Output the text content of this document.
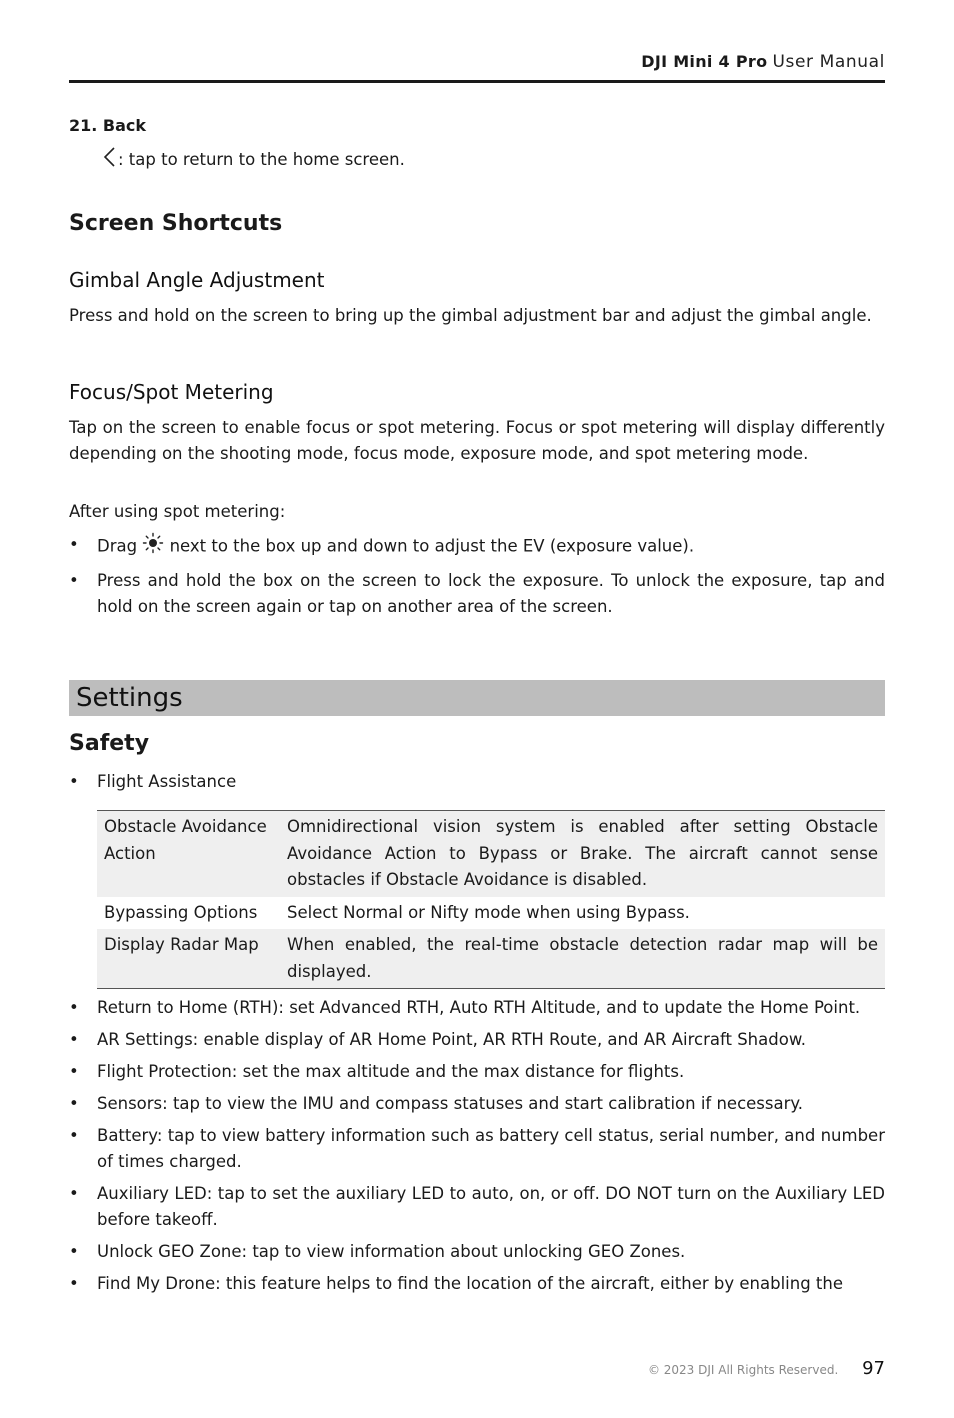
DJI Mini 4 Pro User Manual
21. Back
: tap to return to the home screen.
Screen Shortcuts
Gimbal Angle Adjustment

Press and hold on the screen to bring up the gimbal adjustment bar and adjust the gimbal angle.

Focus/Spot Metering

Tap on the screen to enable focus or spot metering. Focus or spot metering will display differently depending on the shooting mode, focus mode, exposure mode, and spot metering mode.

After using spot metering:

• Drag next to the box up and down to adjust the EV (exposure value).
• Press and hold the box on the screen to lock the exposure. To unlock the exposure, tap and hold on the screen again or tap on another area of the screen.
Settings
Safety
• Flight Assistance
Obstacle Avoidance Action	Omnidirectional vision system is enabled after setting Obstacle Avoidance Action to Bypass or Brake. The aircraft cannot sense obstacles if Obstacle Avoidance is disabled.
Bypassing Options	Select Normal or Nifty mode when using Bypass.
Display Radar Map	When enabled, the real-time obstacle detection radar map will be displayed.
• Return to Home (RTH): set Advanced RTH, Auto RTH Altitude, and to update the Home Point.
• AR Settings: enable display of AR Home Point, AR RTH Route, and AR Aircraft Shadow.
• Flight Protection: set the max altitude and the max distance for flights.
• Sensors: tap to view the IMU and compass statuses and start calibration if necessary.
• Battery: tap to view battery information such as battery cell status, serial number, and number of times charged.
• Auxiliary LED: tap to set the auxiliary LED to auto, on, or off. DO NOT turn on the Auxiliary LED before takeoff.
• Unlock GEO Zone: tap to view information about unlocking GEO Zones.
• Find My Drone: this feature helps to find the location of the aircraft, either by enabling the
© 2023 DJI All Rights Reserved. 97
